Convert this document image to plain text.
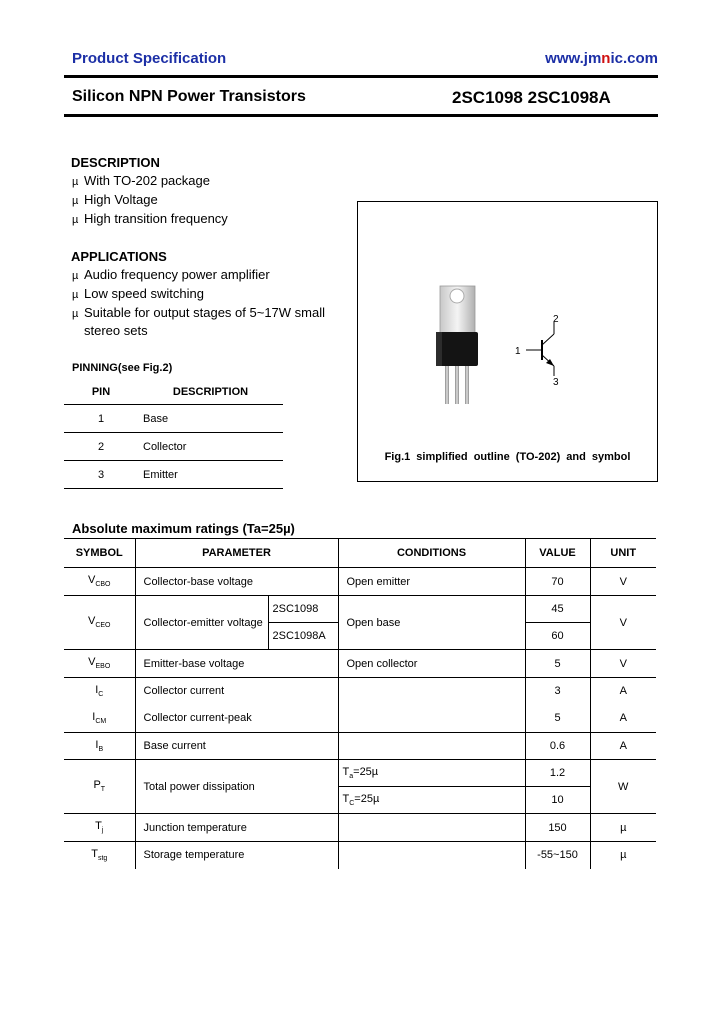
Product Specification	www.jmnic.com
Silicon NPN Power Transistors	2SC1098 2SC1098A
DESCRIPTION
µ With TO-202 package
µ High Voltage
µ High transition frequency
APPLICATIONS
µ Audio frequency power amplifier
µ Low speed switching
µ Suitable for output stages of 5~17W small
stereo sets
PINNING(see Fig.2)
PIN	DESCRIPTION
1	Base
2	Collector
3	Emitter
1
2
3
Fig.1 simplified outline (TO-202) and symbol
Absolute maximum ratings (Ta=25µ)
SYMBOL	PARAMETER		CONDITIONS	VALUE	UNIT
$V_{CBO}$	Collector-base voltage		Open emitter	70	V
$V_{CEO}$	Collector-emitter voltage	2SC1098	Open base	45	V
		2SC1098A		60	
$V_{EBO}$	Emitter-base voltage		Open collector	5	V
$I_C$	Collector current			3	A
$I_{CM}$	Collector current-peak			5	A
$I_B$	Base current			0.6	A
$P_T$	Total power dissipation		$T_a=25\mu$	1.2	W
			$T_C=25\mu$	10	
$T_j$	Junction temperature			150	µ
$T_{stg}$	Storage temperature			-55~150	µ
